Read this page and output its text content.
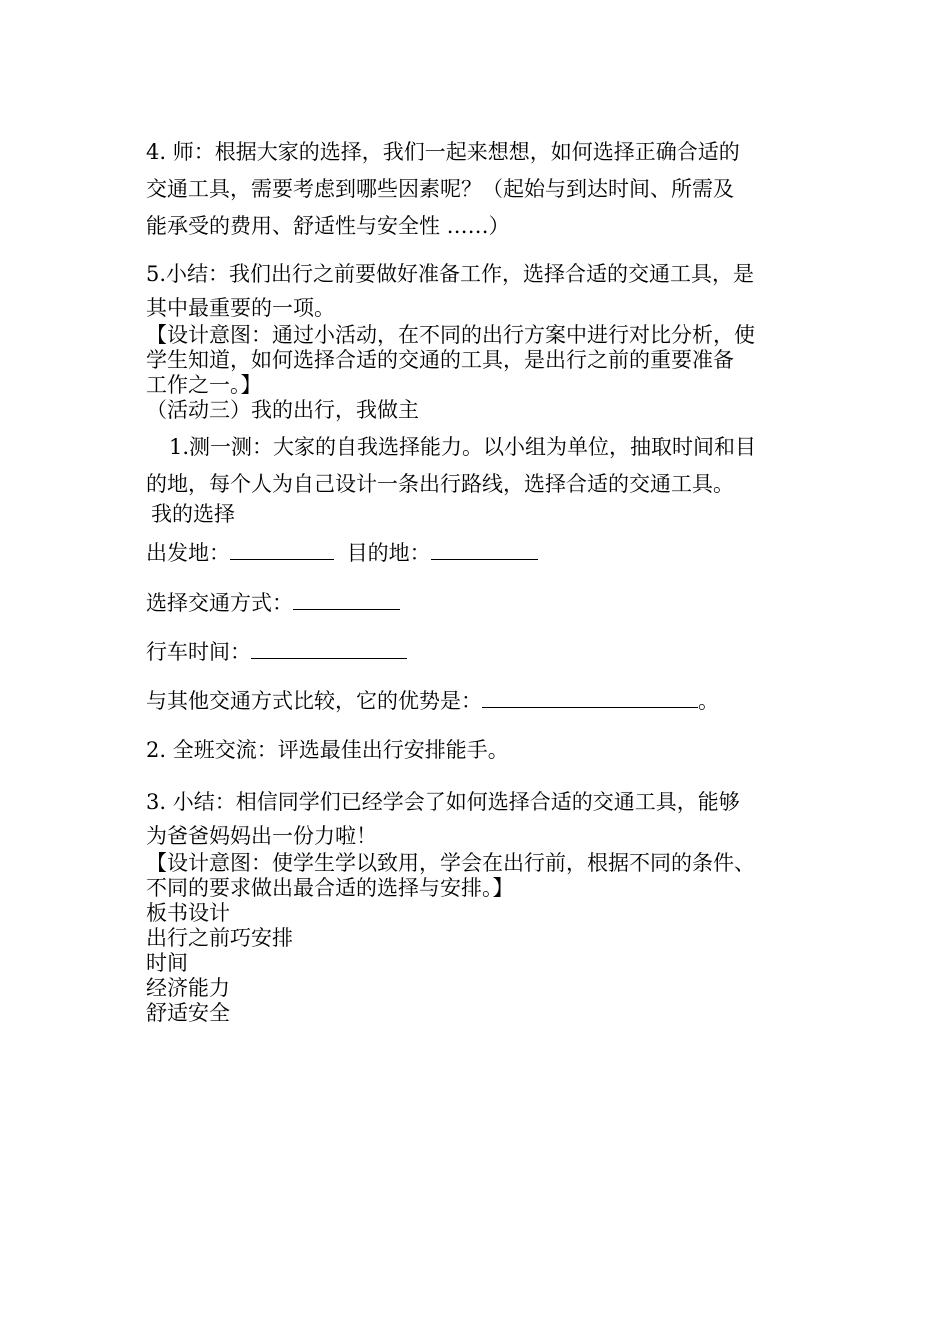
4. 师：根据大家的选择，我们一起来想想，如何选择正确合适的

交通工具，需要考虑到哪些因素呢？（起始与到达时间、所需及

能承受的费用、舒适性与安全性 ……）

5.小结：我们出行之前要做好准备工作，选择合适的交通工具，是

其中最重要的一项。

【设计意图：通过小活动，在不同的出行方案中进行对比分析，使

学生知道，如何选择合适的交通的工具，是出行之前的重要准备

工作之一。】

（活动三）我的出行，我做主

1.测一测：大家的自我选择能力。以小组为单位，抽取时间和目

的地，每个人为自己设计一条出行路线，选择合适的交通工具。

我的选择

出发地：	目的地：

选择交通方式：

行车时间：

与其他交通方式比较，它的优势是：	。

2. 全班交流：评选最佳出行安排能手。

3. 小结：相信同学们已经学会了如何选择合适的交通工具，能够

为爸爸妈妈出一份力啦！

【设计意图：使学生学以致用，学会在出行前，根据不同的条件、

不同的要求做出最合适的选择与安排。】

板书设计

出行之前巧安排

时间

经济能力

舒适安全
